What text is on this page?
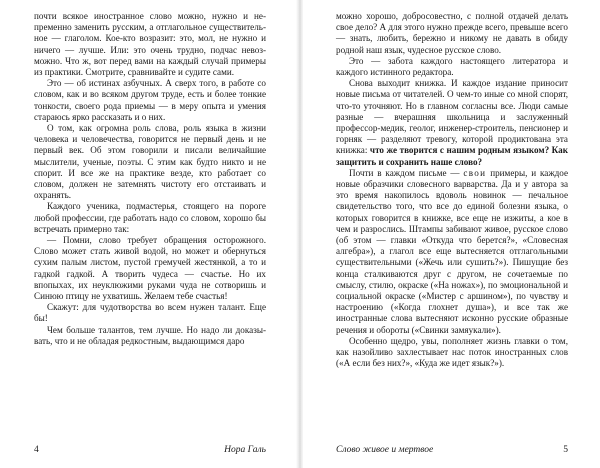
почти всякое иностранное слово можно, нужно и непременно заменить русским, а отглагольное существительное — глаголом. Кое-кто возразит: это, мол, не нужно и ничего — лучше. Или: это очень трудно, подчас невозможно. Что ж, вот перед вами на каждый случай примеры из практики. Смотрите, сравнивайте и судите сами.

Это — об истинах азбучных. А сверх того, в работе со словом, как и во всяком другом труде, есть и более тонкие тонкости, своего рода приемы — в меру опыта и умения стараюсь ярко рассказать и о них.

О том, как огромна роль слова, роль языка в жизни человека и человечества, говорится не первый день и не первый век. Об этом говорили и писали величайшие мыслители, ученые, поэты. С этим как будто никто и не спорит. И все же на практике везде, кто работает со словом, должен не затемнять чистоту его отстаивать и охранять.

Каждого ученика, подмастерья, стоящего на пороге любой профессии, где работать надо со словом, хорошо бы встречать примерно так:

— Помни, слово требует обращения осторожного. Слово может стать живой водой, но может и обернуться сухим палым листом, пустой гремучей жестянкой, а то и гадкой гадкой. А творить чудеса — счастье. Но их впопыхах, их неуклюжими руками чуда не сотворишь и Синюю птицу не ухватишь. Желаем тебе счастья!

Скажут: для чудотворства во всем нужен талант. Еще бы!

Чем больше талантов, тем лучше. Но надо ли доказывать, что и не обладая редкостным, выдающимся даро

4	Нора Галь

можно хорошо, добросовестно, с полной отдачей делать свое дело? А для этого нужно прежде всего, превыше всего — знать, любить, бережно и никому не давать в обиду родной наш язык, чудесное русское слово.

Это — забота каждого настоящего литератора и каждого истинного редактора.

Снова выходит книжка. И каждое издание приносит новые письма от читателей. О чем-то иные со мной спорят, что-то уточняют. Но в главном согласны все. Люди самые разные — вчерашняя школьница и заслуженный профессор-медик, геолог, инженер-строитель, пенсионер и горняк — разделяют тревогу, которой продиктована эта книжка: что же творится с нашим родным языком? Как защитить и сохранить наше слово?

Почти в каждом письме — свои примеры, и каждое новые образчики словесного варварства. Да и у автора за это время накопилось вдоволь новинок — печальное свидетельство того, что все до единой болезни языка, о которых говорится в книжке, все еще не изжиты, а кое в чем и разрослись. Штампы забивают живое, русское слово (об этом — главки «Откуда что берется?», «Словесная алгебра»), а глагол все еще вытесняется отглагольными существительными («Жечь или сушить?»). Пишущие без конца сталкиваются друг с другом, не сочетаемые по смыслу, стилю, окраске («На ножах»), по эмоциональной и социальной окраске («Мистер с аршином»), по чувству и настроению («Когда глохнет душа»), и все так же иностранные слова вытесняют исконно русские образные речения и обороты («Свинки замяукали»).

Особенно щедро, увы, пополняет жизнь главки о том, как назойливо захлестывает нас поток иностранных слов («А если без них?», «Куда же идет язык?»).

Слово живое и мертвое	5
